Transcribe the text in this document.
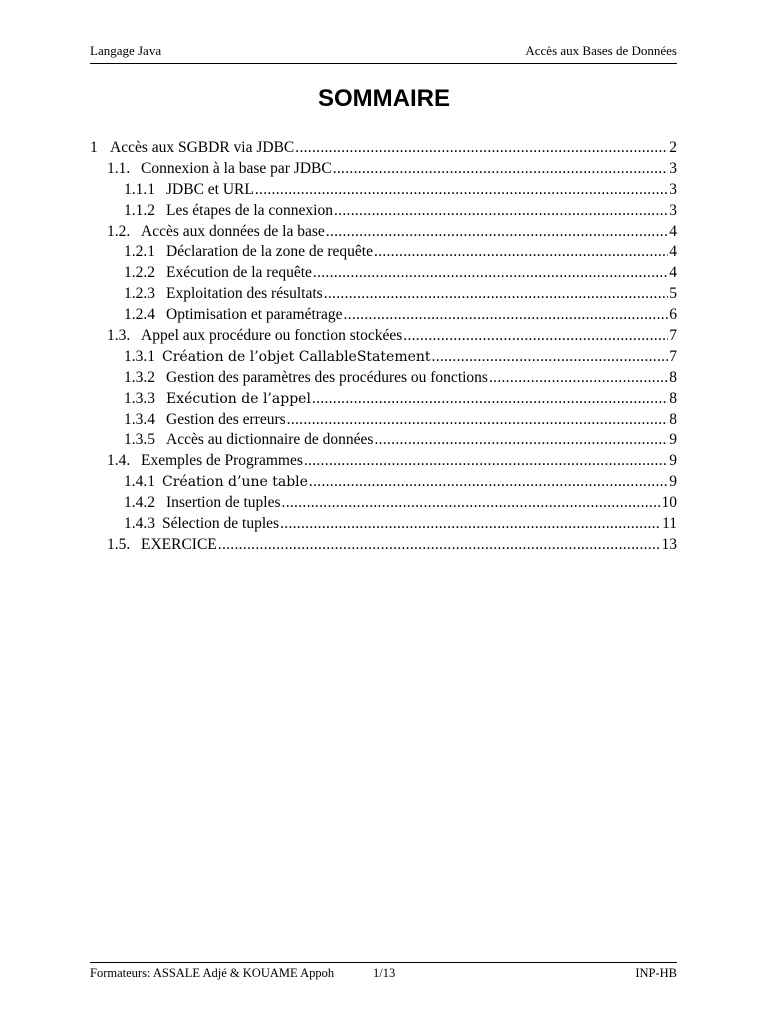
Langage Java	Accès aux Bases de Données
SOMMAIRE
1 Accès aux SGBDR via JDBC .....	2
1.1. Connexion à la base par JDBC .....	3
1.1.1 JDBC et URL .....	3
1.1.2 Les étapes de la connexion .....	3
1.2. Accès aux données de la base .....	4
1.2.1 Déclaration de la zone de requête .....	4
1.2.2 Exécution de la requête .....	4
1.2.3 Exploitation des résultats .....	5
1.2.4 Optimisation et paramétrage .....	6
1.3. Appel aux procédure ou fonction stockées .....	7
1.3.1 Création de l’objet CallableStatement .....	7
1.3.2 Gestion des paramètres des procédures ou fonctions .....	8
1.3.3 Exécution de l’appel .....	8
1.3.4 Gestion des erreurs .....	8
1.3.5 Accès au dictionnaire de données .....	9
1.4. Exemples de Programmes .....	9
1.4.1 Création d’une table .....	9
1.4.2 Insertion de tuples .....	10
1.4.3 Sélection de tuples .....	11
1.5. EXERCICE .....	13
Formateurs: ASSALE Adjé & KOUAME Appoh	1/13	INP-HB
